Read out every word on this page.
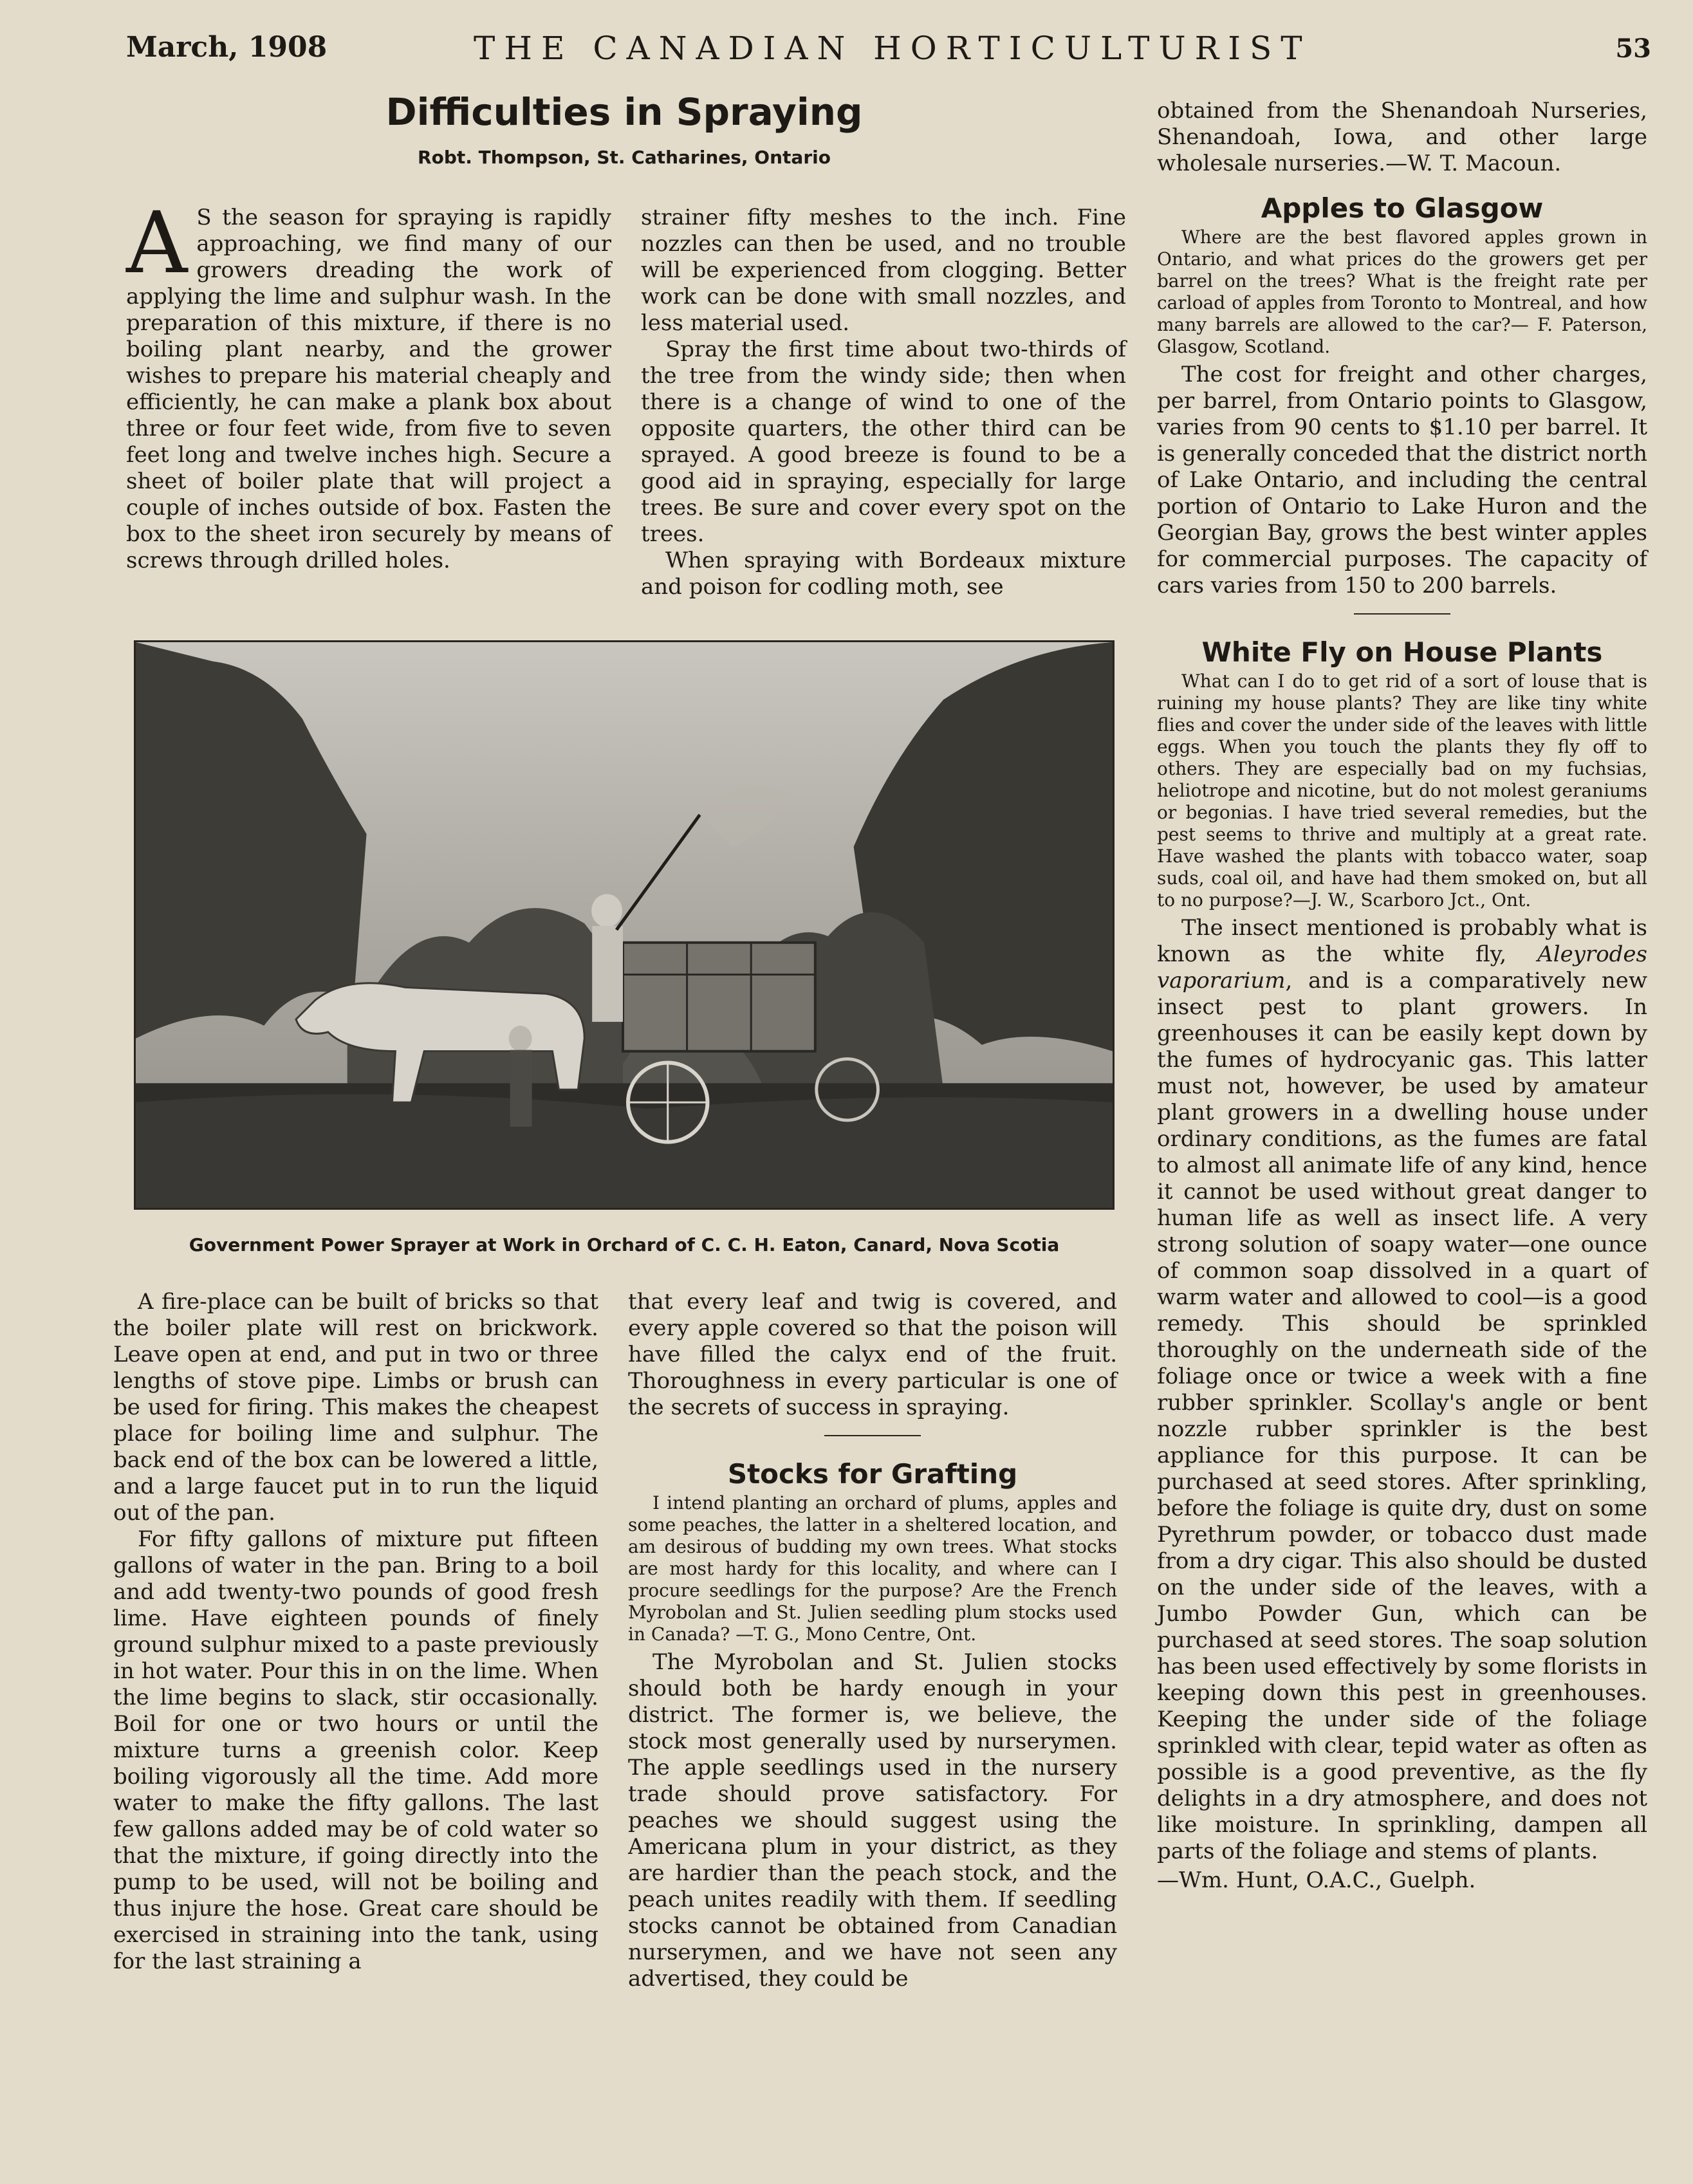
March, 1908	THE CANADIAN HORTICULTURIST	53
Difficulties in Spraying
Robt. Thompson, St. Catharines, Ontario

A S the season for spraying is rapidly approaching, we find many of our growers dreading the work of applying the lime and sulphur wash. In the preparation of this mixture, if there is no boiling plant nearby, and the grower wishes to prepare his material cheaply and efficiently, he can make a plank box about three or four feet wide, from five to seven feet long and twelve inches high. Secure a sheet of boiler plate that will project a couple of inches outside of box. Fasten the box to the sheet iron securely by means of screws through drilled holes.

strainer fifty meshes to the inch. Fine nozzles can then be used, and no trouble will be experienced from clogging. Better work can be done with small nozzles, and less material used.

Spray the first time about two-thirds of the tree from the windy side; then when there is a change of wind to one of the opposite quarters, the other third can be sprayed. A good breeze is found to be a good aid in spraying, especially for large trees. Be sure and cover every spot on the trees.

When spraying with Bordeaux mixture and poison for codling moth, see

Government Power Sprayer at Work in Orchard of C. C. H. Eaton, Canard, Nova Scotia

A fire-place can be built of bricks so that the boiler plate will rest on brickwork. Leave open at end, and put in two or three lengths of stove pipe. Limbs or brush can be used for firing. This makes the cheapest place for boiling lime and sulphur. The back end of the box can be lowered a little, and a large faucet put in to run the liquid out of the pan.

For fifty gallons of mixture put fifteen gallons of water in the pan. Bring to a boil and add twenty-two pounds of good fresh lime. Have eighteen pounds of finely ground sulphur mixed to a paste previously in hot water. Pour this in on the lime. When the lime begins to slack, stir occasionally. Boil for one or two hours or until the mixture turns a greenish color. Keep boiling vigorously all the time. Add more water to make the fifty gallons. The last few gallons added may be of cold water so that the mixture, if going directly into the pump to be used, will not be boiling and thus injure the hose. Great care should be exercised in straining into the tank, using for the last straining a

that every leaf and twig is covered, and every apple covered so that the poison will have filled the calyx end of the fruit. Thoroughness in every particular is one of the secrets of success in spraying.

Stocks for Grafting

I intend planting an orchard of plums, apples and some peaches, the latter in a sheltered location, and am desirous of budding my own trees. What stocks are most hardy for this locality, and where can I procure seedlings for the purpose? Are the French Myrobolan and St. Julien seedling plum stocks used in Canada? —T. G., Mono Centre, Ont.

The Myrobolan and St. Julien stocks should both be hardy enough in your district. The former is, we believe, the stock most generally used by nurserymen. The apple seedlings used in the nursery trade should prove satisfactory. For peaches we should suggest using the Americana plum in your district, as they are hardier than the peach stock, and the peach unites readily with them. If seedling stocks cannot be obtained from Canadian nurserymen, and we have not seen any advertised, they could be

obtained from the Shenandoah Nurseries, Shenandoah, Iowa, and other large wholesale nurseries.—W. T. Macoun.

Apples to Glasgow

Where are the best flavored apples grown in Ontario, and what prices do the growers get per barrel on the trees? What is the freight rate per carload of apples from Toronto to Montreal, and how many barrels are allowed to the car?— F. Paterson, Glasgow, Scotland.

The cost for freight and other charges, per barrel, from Ontario points to Glasgow, varies from 90 cents to $1.10 per barrel. It is generally conceded that the district north of Lake Ontario, and including the central portion of Ontario to Lake Huron and the Georgian Bay, grows the best winter apples for commercial purposes. The capacity of cars varies from 150 to 200 barrels.

White Fly on House Plants

What can I do to get rid of a sort of louse that is ruining my house plants? They are like tiny white flies and cover the under side of the leaves with little eggs. When you touch the plants they fly off to others. They are especially bad on my fuchsias, heliotrope and nicotine, but do not molest geraniums or begonias. I have tried several remedies, but the pest seems to thrive and multiply at a great rate. Have washed the plants with tobacco water, soap suds, coal oil, and have had them smoked on, but all to no purpose?—J. W., Scarboro Jct., Ont.

The insect mentioned is probably what is known as the white fly, Aleyrodes vaporarium, and is a comparatively new insect pest to plant growers. In greenhouses it can be easily kept down by the fumes of hydrocyanic gas. This latter must not, however, be used by amateur plant growers in a dwelling house under ordinary conditions, as the fumes are fatal to almost all animate life of any kind, hence it cannot be used without great danger to human life as well as insect life. A very strong solution of soapy water—one ounce of common soap dissolved in a quart of warm water and allowed to cool—is a good remedy. This should be sprinkled thoroughly on the underneath side of the foliage once or twice a week with a fine rubber sprinkler. Scollay's angle or bent nozzle rubber sprinkler is the best appliance for this purpose. It can be purchased at seed stores. After sprinkling, before the foliage is quite dry, dust on some Pyrethrum powder, or tobacco dust made from a dry cigar. This also should be dusted on the under side of the leaves, with a Jumbo Powder Gun, which can be purchased at seed stores. The soap solution has been used effectively by some florists in keeping down this pest in greenhouses. Keeping the under side of the foliage sprinkled with clear, tepid water as often as possible is a good preventive, as the fly delights in a dry atmosphere, and does not like moisture. In sprinkling, dampen all parts of the foliage and stems of plants.

—Wm. Hunt, O.A.C., Guelph.
